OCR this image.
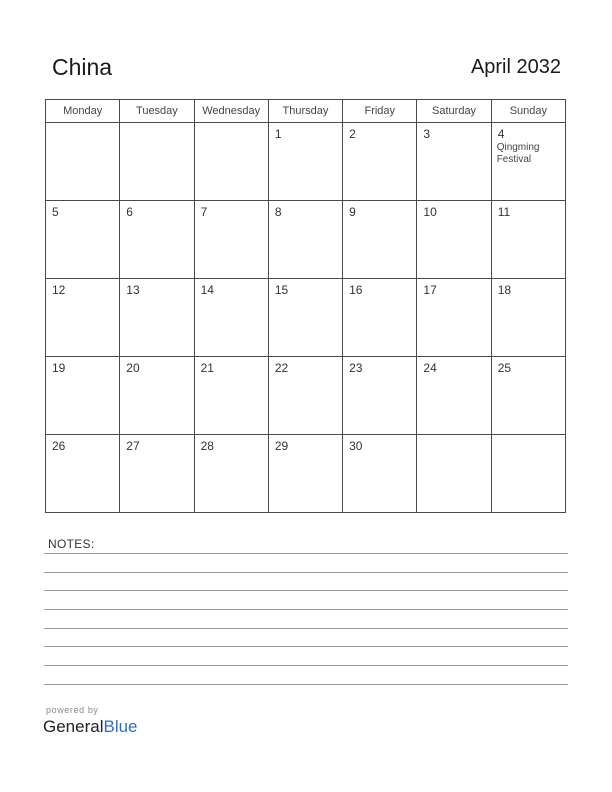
China	April 2032
Monday	Tuesday	Wednesday	Thursday	Friday	Saturday	Sunday

			1	2	3	4
Qingming Festival

5	6	7	8	9	10	11

12	13	14	15	16	17	18

19	20	21	22	23	24	25

26	27	28	29	30		

NOTES:
powered by
GeneralBlue
